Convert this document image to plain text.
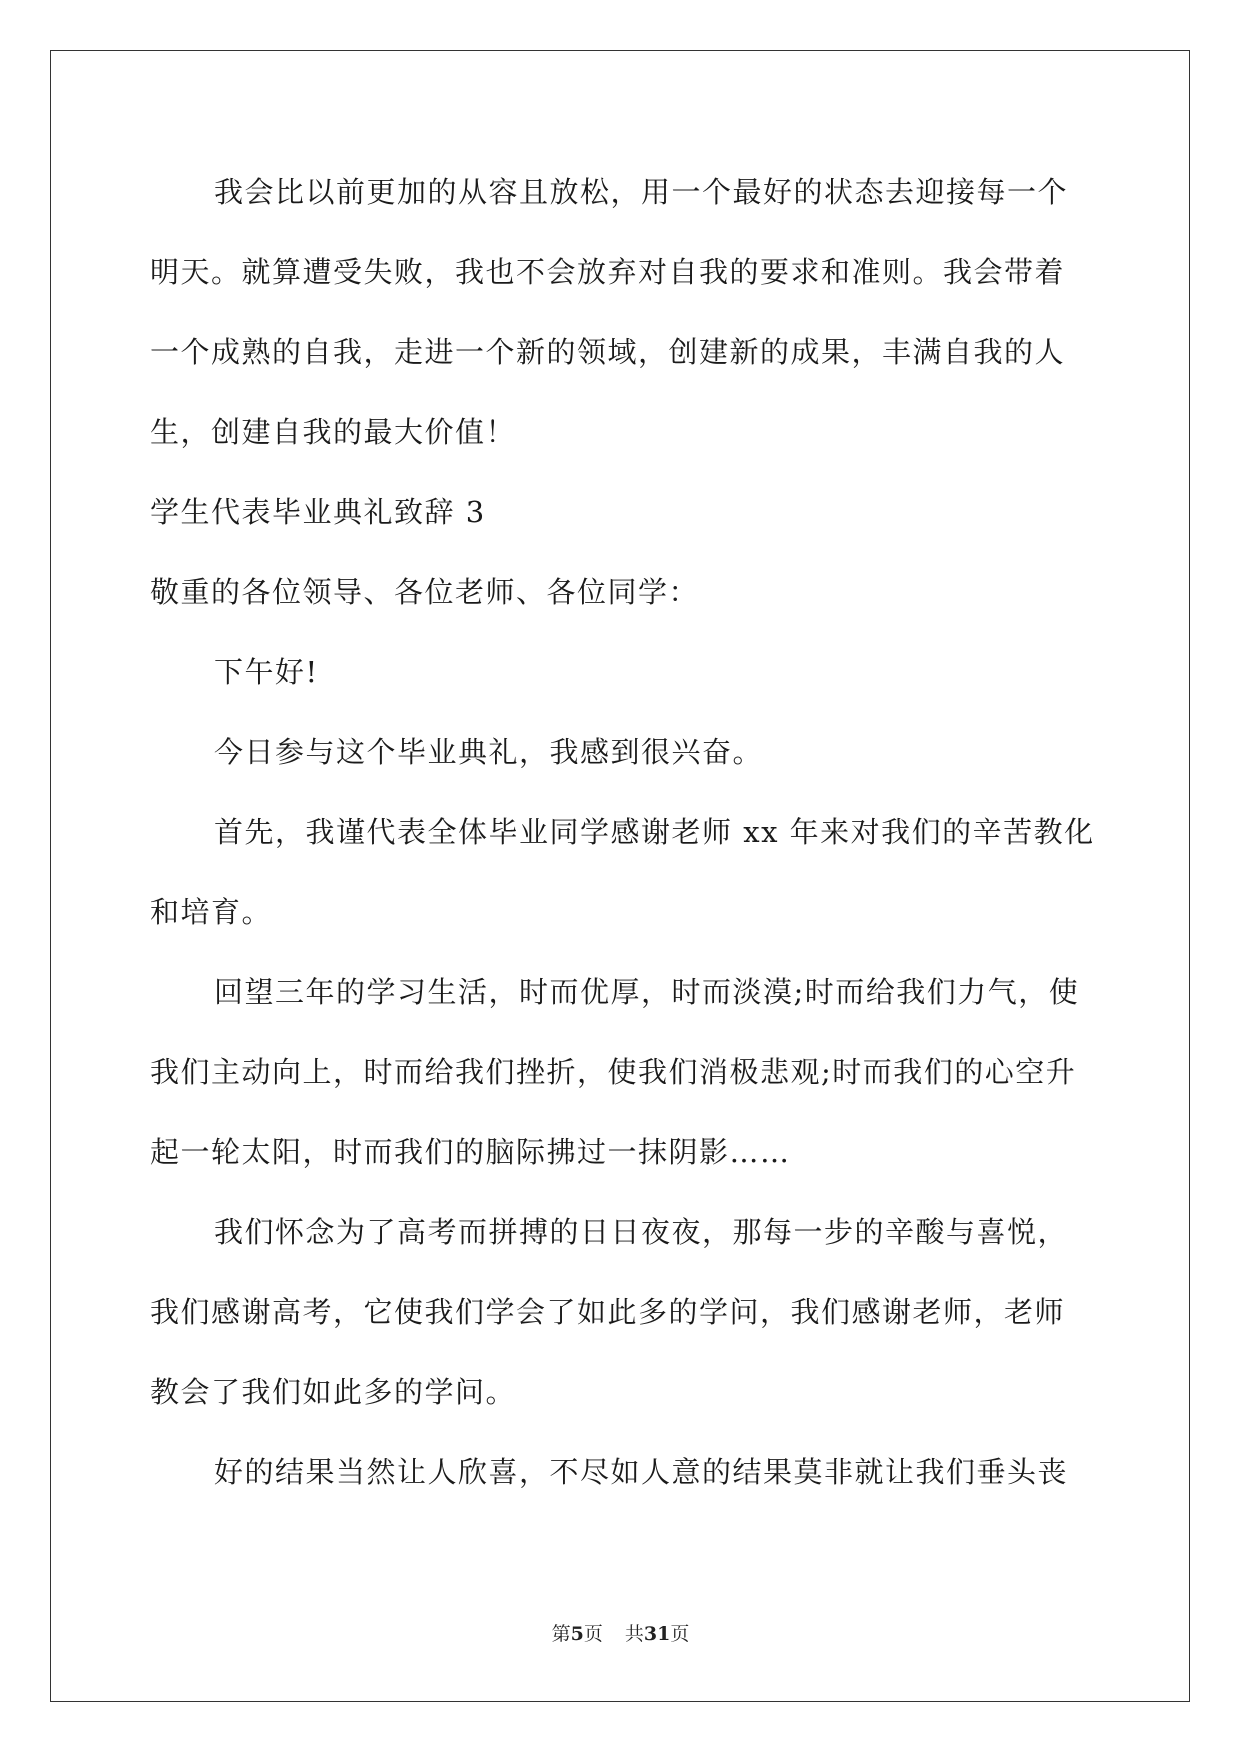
我会比以前更加的从容且放松，用一个最好的状态去迎接每一个

明天。就算遭受失败，我也不会放弃对自我的要求和准则。我会带着

一个成熟的自我，走进一个新的领域，创建新的成果，丰满自我的人

生，创建自我的最大价值！

学生代表毕业典礼致辞 3

敬重的各位领导、各位老师、各位同学：

下午好!

今日参与这个毕业典礼，我感到很兴奋。

首先，我谨代表全体毕业同学感谢老师 xx 年来对我们的辛苦教化

和培育。

回望三年的学习生活，时而优厚，时而淡漠;时而给我们力气，使

我们主动向上，时而给我们挫折，使我们消极悲观;时而我们的心空升

起一轮太阳，时而我们的脑际拂过一抹阴影……

我们怀念为了高考而拼搏的日日夜夜，那每一步的辛酸与喜悦，

我们感谢高考，它使我们学会了如此多的学问，我们感谢老师，老师

教会了我们如此多的学问。

好的结果当然让人欣喜，不尽如人意的结果莫非就让我们垂头丧

第5页 共31页
